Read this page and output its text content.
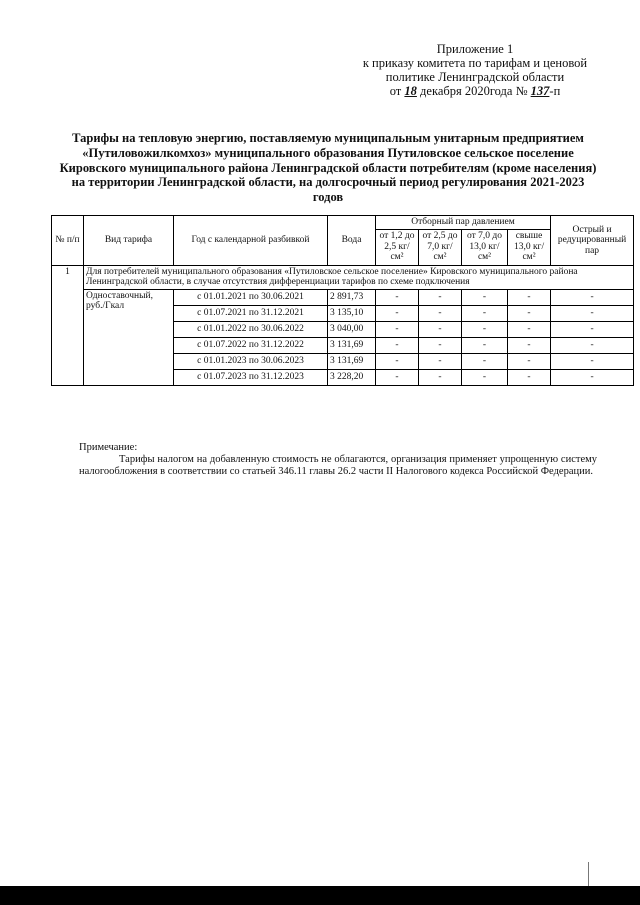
Приложение 1
к приказу комитета по тарифам и ценовой
политике Ленинградской области
от 18 декабря 2020года № 137-п
Тарифы на тепловую энергию, поставляемую муниципальным унитарным предприятием «Путиловожилкомхоз» муниципального образования Путиловское сельское поселение Кировского муниципального района Ленинградской области потребителям (кроме населения) на территории Ленинградской области, на долгосрочный период регулирования 2021-2023 годов
№ п/п	Вид тарифа	Год с календарной разбивкой	Вода	Отборный пар давлением				Острый и редуцированный пар
				от 1,2 до 2,5 кг/см²	от 2,5 до 7,0 кг/см²	от 7,0 до 13,0 кг/см²	свыше 13,0 кг/см²	
1	Для потребителей муниципального образования «Путиловское сельское поселение» Кировского муниципального района Ленинградской области, в случае отсутствия дифференциации тарифов по схеме подключения							
	Одноставочный, руб./Гкал	с 01.01.2021 по 30.06.2021	2 891,73	-	-	-	-	-
		с 01.07.2021 по 31.12.2021	3 135,10	-	-	-	-	-
		с 01.01.2022 по 30.06.2022	3 040,00	-	-	-	-	-
		с 01.07.2022 по 31.12.2022	3 131,69	-	-	-	-	-
		с 01.01.2023 по 30.06.2023	3 131,69	-	-	-	-	-
		с 01.07.2023 по 31.12.2023	3 228,20	-	-	-	-	-
Примечание:

Тарифы налогом на добавленную стоимость не облагаются, организация применяет упрощенную систему налогообложения в соответствии со статьей 346.11 главы 26.2 части II Налогового кодекса Российской Федерации.
